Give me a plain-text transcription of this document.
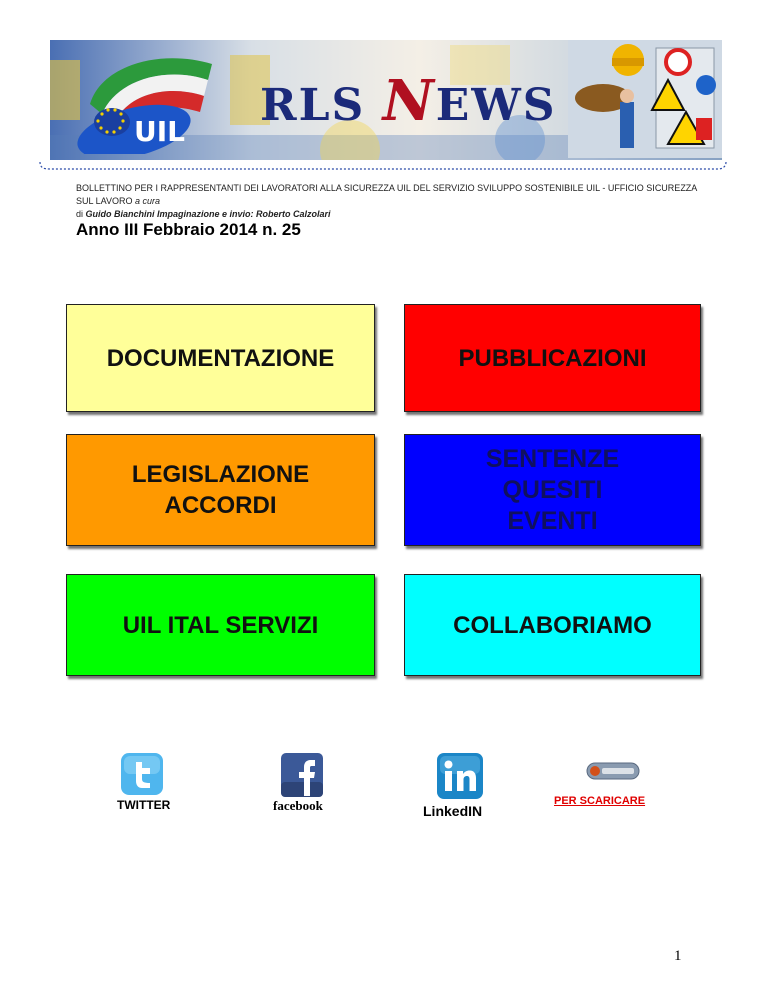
RLS NEWS
UIL
BOLLETTINO PER I RAPPRESENTANTI DEI LAVORATORI ALLA SICUREZZA UIL DEL SERVIZIO SVILUPPO SOSTENIBILE UIL - UFFICIO SICUREZZA SUL LAVORO a cura
di Guido Bianchini Impaginazione e invio: Roberto Calzolari
Anno III Febbraio 2014 n. 25
DOCUMENTAZIONE	PUBBLICAZIONI
LEGISLAZIONE
ACCORDI
SENTENZE
QUESITI
EVENTI
UIL ITAL SERVIZI	COLLABORIAMO
TWITTER	facebook	LinkedIN
PER SCARICARE
1
